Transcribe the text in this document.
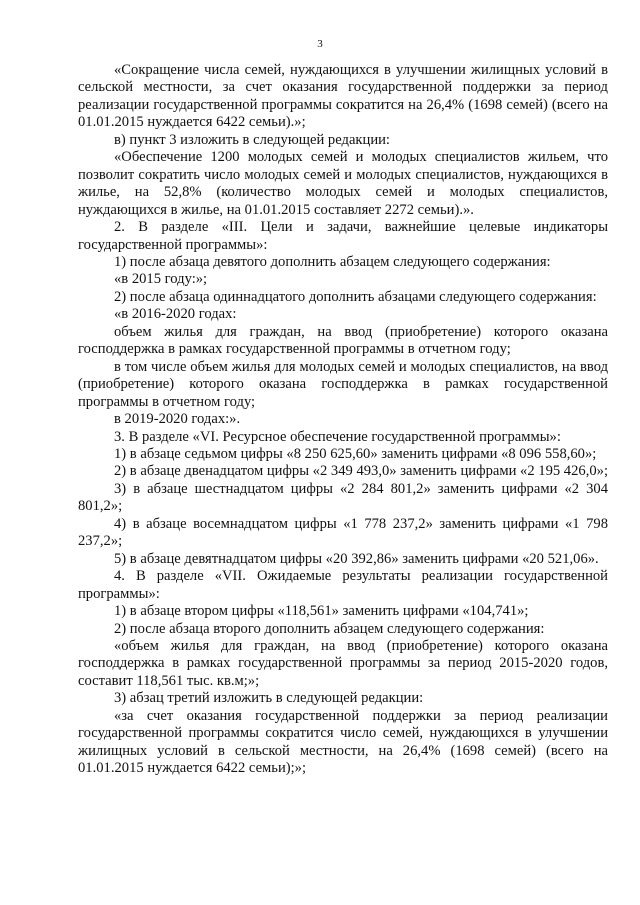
3

«Сокращение числа семей, нуждающихся в улучшении жилищных условий в сельской местности, за счет оказания государственной поддержки за период реализации государственной программы сократится на 26,4% (1698 семей) (всего на 01.01.2015 нуждается 6422 семьи).»;

в) пункт 3 изложить в следующей редакции:

«Обеспечение 1200 молодых семей и молодых специалистов жильем, что позволит сократить число молодых семей и молодых специалистов, нуждающихся в жилье, на 52,8% (количество молодых семей и молодых специалистов, нуждающихся в жилье, на 01.01.2015 составляет 2272 семьи).».

2. В разделе «III. Цели и задачи, важнейшие целевые индикаторы государственной программы»:

1) после абзаца девятого дополнить абзацем следующего содержания:

«в 2015 году:»;

2) после абзаца одиннадцатого дополнить абзацами следующего содержания:

«в 2016-2020 годах:

объем жилья для граждан, на ввод (приобретение) которого оказана господдержка в рамках государственной программы в отчетном году;

в том числе объем жилья для молодых семей и молодых специалистов, на ввод (приобретение) которого оказана господдержка в рамках государственной программы в отчетном году;

в 2019-2020 годах:».

3. В разделе «VI. Ресурсное обеспечение государственной программы»:

1) в абзаце седьмом цифры «8 250 625,60» заменить цифрами «8 096 558,60»;

2) в абзаце двенадцатом цифры «2 349 493,0» заменить цифрами «2 195 426,0»;

3) в абзаце шестнадцатом цифры «2 284 801,2» заменить цифрами «2 304 801,2»;

4) в абзаце восемнадцатом цифры «1 778 237,2» заменить цифрами «1 798 237,2»;

5) в абзаце девятнадцатом цифры «20 392,86» заменить цифрами «20 521,06».

4. В разделе «VII. Ожидаемые результаты реализации государственной программы»:

1) в абзаце втором цифры «118,561» заменить цифрами «104,741»;

2) после абзаца второго дополнить абзацем следующего содержания:

«объем жилья для граждан, на ввод (приобретение) которого оказана господдержка в рамках государственной программы за период 2015-2020 годов, составит 118,561 тыс. кв.м;»;

3) абзац третий изложить в следующей редакции:

«за счет оказания государственной поддержки за период реализации государственной программы сократится число семей, нуждающихся в улучшении жилищных условий в сельской местности, на 26,4% (1698 семей) (всего на 01.01.2015 нуждается 6422 семьи);»;
